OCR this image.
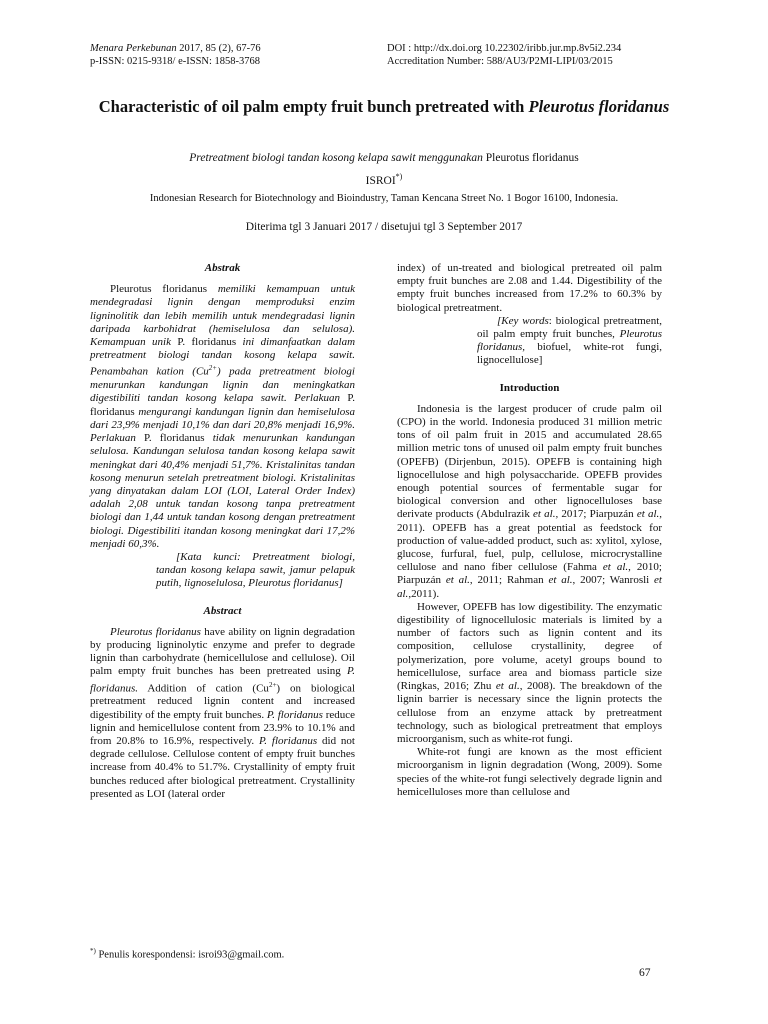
Menara Perkebunan 2017, 85 (2), 67-76
p-ISSN: 0215-9318/ e-ISSN: 1858-3768
DOI : http://dx.doi.org 10.22302/iribb.jur.mp.8v5i2.234
Accreditation Number: 588/AU3/P2MI-LIPI/03/2015
Characteristic of oil palm empty fruit bunch pretreated with Pleurotus floridanus
Pretreatment biologi tandan kosong kelapa sawit menggunakan Pleurotus floridanus
ISROI*)
Indonesian Research for Biotechnology and Bioindustry, Taman Kencana Street No. 1 Bogor 16100, Indonesia.
Diterima tgl 3 Januari 2017 / disetujui tgl 3 September 2017
Abstrak

Pleurotus floridanus memiliki kemampuan untuk mendegradasi lignin dengan memproduksi enzim ligninolitik dan lebih memilih untuk mendegradasi lignin daripada karbohidrat (hemiselulosa dan selulosa). Kemampuan unik P. floridanus ini dimanfaatkan dalam pretreatment biologi tandan kosong kelapa sawit. Penambahan kation $(Cu^{2+})$ pada pretreatment biologi menurunkan kandungan lignin dan meningkatkan digestibiliti tandan kosong kelapa sawit. Perlakuan P. floridanus mengurangi kandungan lignin dan hemiselulosa dari 23,9% menjadi 10,1% dan dari 20,8% menjadi 16,9%. Perlakuan P. floridanus tidak menurunkan kandungan selulosa. Kandungan selulosa tandan kosong kelapa sawit meningkat dari 40,4% menjadi 51,7%. Kristalinitas tandan kosong menurun setelah pretreatment biologi. Kristalinitas yang dinyatakan dalam LOI (LOI, Lateral Order Index) adalah 2,08 untuk tandan kosong tanpa pretreatment biologi dan 1,44 untuk tandan kosong dengan pretreatment biologi. Digestibiliti itandan kosong meningkat dari 17,2% menjadi 60,3%.

[Kata kunci: Pretreatment biologi, tandan kosong kelapa sawit, jamur pelapuk putih, lignoselulosa, Pleurotus floridanus]

Abstract

Pleurotus floridanus have ability on lignin degradation by producing ligninolytic enzyme and prefer to degrade lignin than carbohydrate (hemicellulose and cellulose). Oil palm empty fruit bunches has been pretreated using P. floridanus. Addition of cation $(Cu^{2+})$ on biological pretreatment reduced lignin content and increased digestibility of the empty fruit bunches. P. floridanus reduce lignin and hemicellulose content from 23.9% to 10.1% and from 20.8% to 16.9%, respectively. P. floridanus did not degrade cellulose. Cellulose content of empty fruit bunches increase from 40.4% to 51.7%. Crystallinity of empty fruit bunches reduced after biological pretreatment. Crystallinity presented as LOI (lateral order

index) of un-treated and biological pretreated oil palm empty fruit bunches are 2.08 and 1.44. Digestibility of the empty fruit bunches increased from 17.2% to 60.3% by biological pretreatment.

[Key words: biological pretreatment, oil palm empty fruit bunches, Pleurotus floridanus, biofuel, white-rot fungi, lignocellulose]

Introduction

Indonesia is the largest producer of crude palm oil (CPO) in the world. Indonesia produced 31 million metric tons of oil palm fruit in 2015 and accumulated 28.65 million metric tons of unused oil palm empty fruit bunches (OPEFB) (Dirjenbun, 2015). OPEFB is containing high lignocellulose and high polysaccharide. OPEFB provides enough potential sources of fermentable sugar for biological conversion and other lignocelluloses base derivate products (Abdulrazik et al., 2017; Piarpuzán et al., 2011). OPEFB has a great potential as feedstock for production of value-added product, such as: xylitol, xylose, glucose, furfural, fuel, pulp, cellulose, microcrystalline cellulose and nano fiber cellulose (Fahma et al., 2010; Piarpuzán et al., 2011; Rahman et al., 2007; Wanrosli et al.,2011).

However, OPEFB has low digestibility. The enzymatic digestibility of lignocellulosic materials is limited by a number of factors such as lignin content and its composition, cellulose crystallinity, degree of polymerization, pore volume, acetyl groups bound to hemicellulose, surface area and biomass particle size (Ringkas, 2016; Zhu et al., 2008). The breakdown of the lignin barrier is necessary since the lignin protects the cellulose from an enzyme attack by pretreatment technology, such as biological pretreatment that employs microorganism, such as white-rot fungi.

White-rot fungi are known as the most efficient microorganism in lignin degradation (Wong, 2009). Some species of the white-rot fungi selectively degrade lignin and hemicelluloses more than cellulose and

*) Penulis korespondensi: isroi93@gmail.com.
67
